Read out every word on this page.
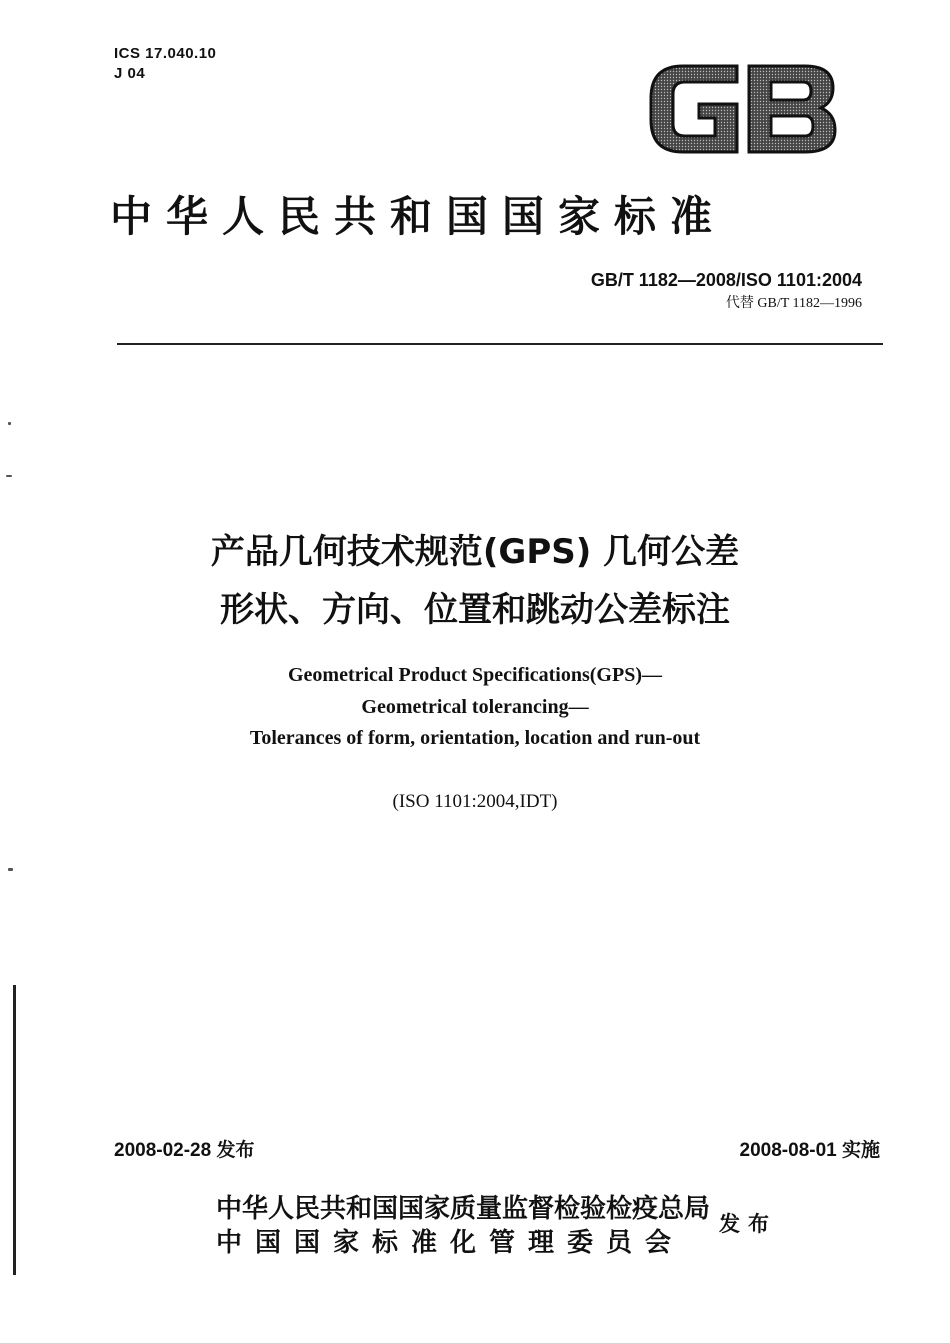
ICS 17.040.10
J 04
中华人民共和国国家标准
GB/T 1182—2008/ISO 1101:2004
代替 GB/T 1182—1996
产品几何技术规范(GPS) 几何公差
形状、方向、位置和跳动公差标注
Geometrical Product Specifications(GPS)—
Geometrical tolerancing—
Tolerances of form, orientation, location and run-out
(ISO 1101:2004,IDT)
2008-02-28 发布	2008-08-01 实施
中华人民共和国国家质量监督检验检疫总局
中国国家标准化管理委员会
发布
